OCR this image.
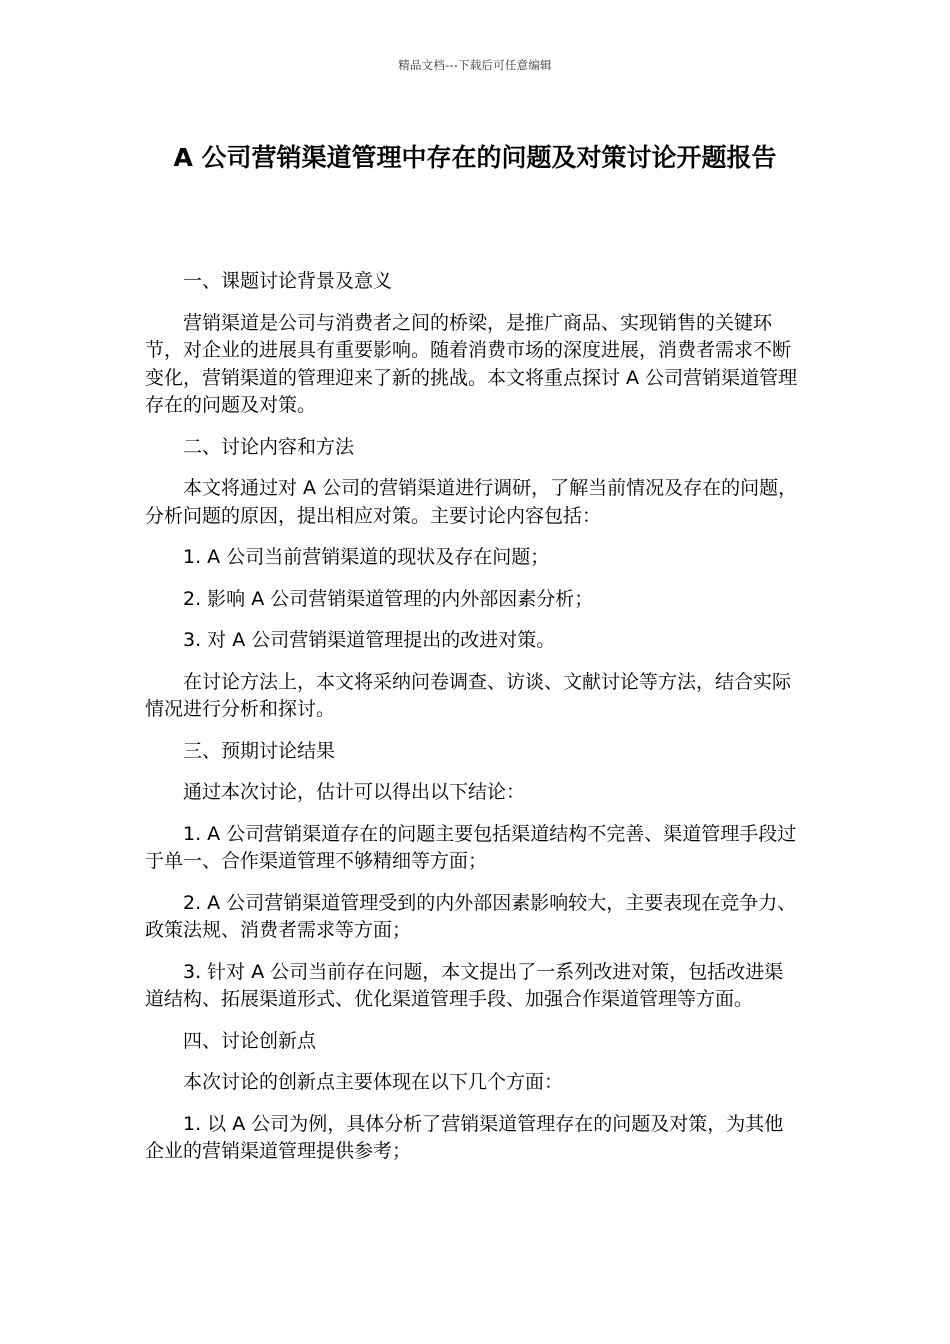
精品文档---下载后可任意编辑
A 公司营销渠道管理中存在的问题及对策讨论开题报告

一、课题讨论背景及意义

营销渠道是公司与消费者之间的桥梁，是推广商品、实现销售的关键环节，对企业的进展具有重要影响。随着消费市场的深度进展，消费者需求不断变化，营销渠道的管理迎来了新的挑战。本文将重点探讨 A 公司营销渠道管理存在的问题及对策。

二、讨论内容和方法

本文将通过对 A 公司的营销渠道进行调研，了解当前情况及存在的问题，分析问题的原因，提出相应对策。主要讨论内容包括：

1. A 公司当前营销渠道的现状及存在问题；

2. 影响 A 公司营销渠道管理的内外部因素分析；

3. 对 A 公司营销渠道管理提出的改进对策。

在讨论方法上，本文将采纳问卷调查、访谈、文献讨论等方法，结合实际情况进行分析和探讨。

三、预期讨论结果

通过本次讨论，估计可以得出以下结论：

1. A 公司营销渠道存在的问题主要包括渠道结构不完善、渠道管理手段过于单一、合作渠道管理不够精细等方面；

2. A 公司营销渠道管理受到的内外部因素影响较大，主要表现在竞争力、政策法规、消费者需求等方面；

3. 针对 A 公司当前存在问题，本文提出了一系列改进对策，包括改进渠道结构、拓展渠道形式、优化渠道管理手段、加强合作渠道管理等方面。

四、讨论创新点

本次讨论的创新点主要体现在以下几个方面：

1. 以 A 公司为例，具体分析了营销渠道管理存在的问题及对策，为其他企业的营销渠道管理提供参考；
